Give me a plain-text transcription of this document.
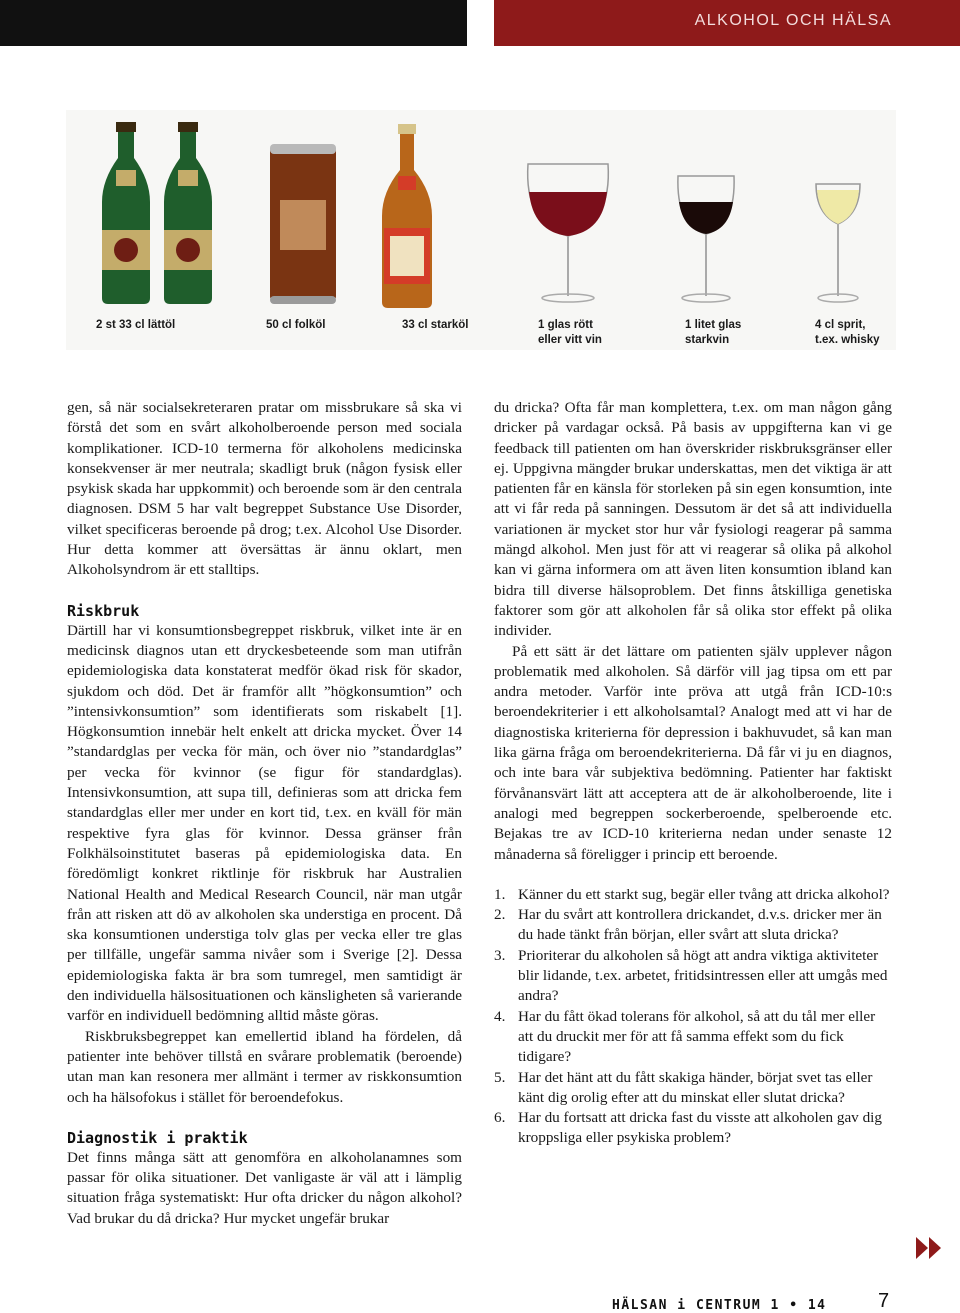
ALKOHOL OCH HÄLSA
2 st 33 cl lättöl	50 cl folköl	33 cl starköl	1 glas rött
eller vitt vin
1 litet glas
starkvin
4 cl sprit,
t.ex. whisky

gen, så när socialsekreteraren pratar om missbrukare så ska vi förstå det som en svårt alkoholberoende person med sociala komplikationer. ICD-10 termerna för alkoholens medicinska konsekvenser är mer neutrala; skadligt bruk (någon fysisk eller psykisk skada har uppkommit) och beroende som är den centrala diagnosen. DSM 5 har valt begreppet Substance Use Disorder, vilket specificeras beroende på drog; t.ex. Alcohol Use Disorder. Hur detta kommer att översättas är ännu oklart, men Alkoholsyndrom är ett stalltips.

Riskbruk

Därtill har vi konsumtionsbegreppet riskbruk, vilket inte är en medicinsk diagnos utan ett dryckesbeteende som man utifrån epidemiologiska data konstaterat medför ökad risk för skador, sjukdom och död. Det är framför allt ”högkonsumtion” och ”intensivkonsumtion” som identifierats som riskabelt [1]. Högkonsumtion innebär helt enkelt att dricka mycket. Över 14 ”standardglas per vecka för män, och över nio ”standardglas” per vecka för kvinnor (se figur för standardglas). Intensivkonsumtion, att supa till, definieras som att dricka fem standardglas eller mer under en kort tid, t.ex. en kväll för män respektive fyra glas för kvinnor. Dessa gränser från Folkhälsoinstitutet baseras på epidemiologiska data. En föredömligt konkret riktlinje för riskbruk har Australien National Health and Medical Research Council, när man utgår från att risken att dö av alkoholen ska understiga en procent. Då ska konsumtionen understiga tolv glas per vecka eller tre glas per tillfälle, ungefär samma nivåer som i Sverige [2]. Dessa epidemiologiska fakta är bra som tumregel, men samtidigt är den individuella hälsosituationen och känsligheten så varierande varför en individuell bedömning alltid måste göras.

Riskbruksbegreppet kan emellertid ibland ha fördelen, då patienter inte behöver tillstå en svårare problematik (beroende) utan man kan resonera mer allmänt i termer av riskkonsumtion och ha hälsofokus i stället för beroendefokus.

Diagnostik i praktik

Det finns många sätt att genomföra en alkoholanamnes som passar för olika situationer. Det vanligaste är väl att i lämplig situation fråga systematiskt: Hur ofta dricker du någon alkohol? Vad brukar du då dricka? Hur mycket ungefär brukar

du dricka? Ofta får man komplettera, t.ex. om man någon gång dricker på vardagar också. På basis av uppgifterna kan vi ge feedback till patienten om han överskrider riskbruksgränser eller ej. Uppgivna mängder brukar underskattas, men det viktiga är att patienten får en känsla för storleken på sin egen konsumtion, inte att vi får reda på sanningen. Dessutom är det så att individuella variationen är mycket stor hur vår fysiologi reagerar på samma mängd alkohol. Men just för att vi reagerar så olika på alkohol kan vi gärna informera om att även liten konsumtion ibland kan bidra till diverse hälsoproblem. Det finns åtskilliga genetiska faktorer som gör att alkoholen får så olika stor effekt på olika individer.

På ett sätt är det lättare om patienten själv upplever någon problematik med alkoholen. Så därför vill jag tipsa om ett par andra metoder. Varför inte pröva att utgå från ICD-10:s beroendekriterier i ett alkoholsamtal? Analogt med att vi har de diagnostiska kriterierna för depression i bakhuvudet, så kan man lika gärna fråga om beroendekriterierna. Då får vi ju en diagnos, och inte bara vår subjektiva bedömning. Patienter har faktiskt förvånansvärt lätt att acceptera att de är alkoholberoende, lite i analogi med begreppen sockerberoende, spelberoende etc. Bejakas tre av ICD-10 kriterierna nedan under senaste 12 månaderna så föreligger i princip ett beroende.

1. Känner du ett starkt sug, begär eller tvång att dricka alkohol?
2. Har du svårt att kontrollera drickandet, d.v.s. dricker mer än du hade tänkt från början, eller svårt att sluta dricka?
3. Prioriterar du alkoholen så högt att andra viktiga aktiviteter blir lidande, t.ex. arbetet, fritidsintressen eller att umgås med andra?
4. Har du fått ökad tolerans för alkohol, så att du tål mer eller att du druckit mer för att få samma effekt som du fick tidigare?
5. Har det hänt att du fått skakiga händer, börjat svet tas eller känt dig orolig efter att du minskat eller slutat dricka?
6. Har du fortsatt att dricka fast du visste att alkoholen gav dig kroppsliga eller psykiska problem?
HÄLSAN i CENTRUM 1 • 14	7
